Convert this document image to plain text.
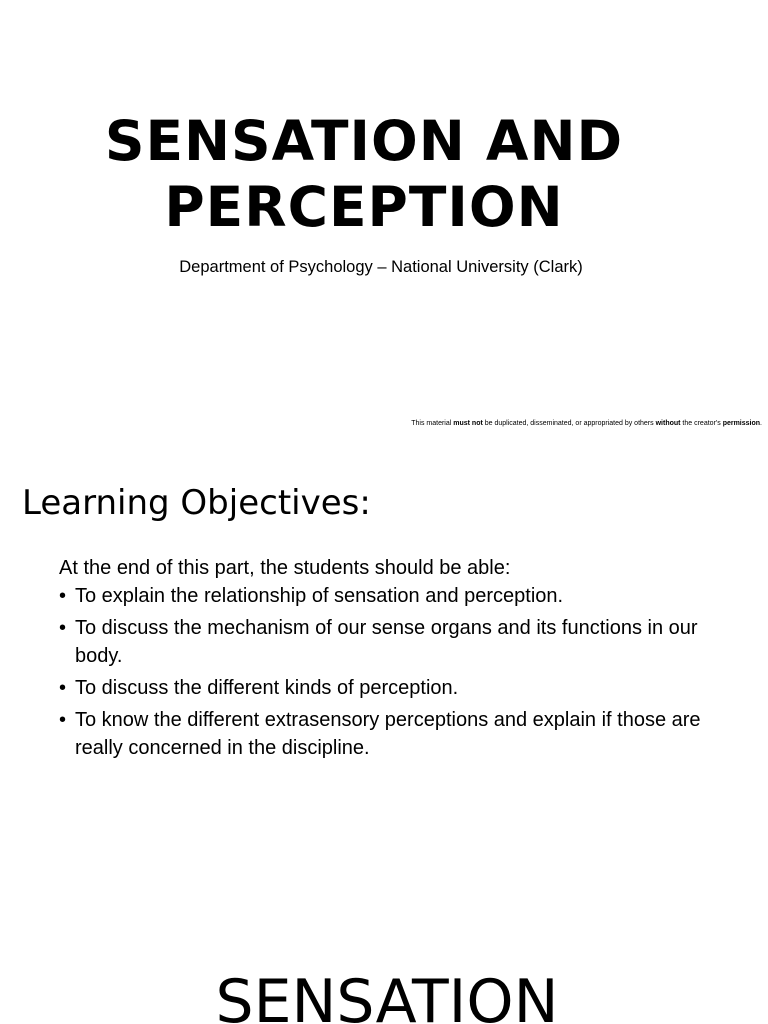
SENSATION AND
PERCEPTION

Department of Psychology – National University (Clark)

This material must not be duplicated, disseminated, or appropriated by others without the creator's permission.

Learning Objectives:

At the end of this part, the students should be able:

• To explain the relationship of sensation and perception.
• To discuss the mechanism of our sense organs and its functions in our body.
• To discuss the different kinds of perception.
• To know the different extrasensory perceptions and explain if those are really concerned in the discipline.
SENSATION
